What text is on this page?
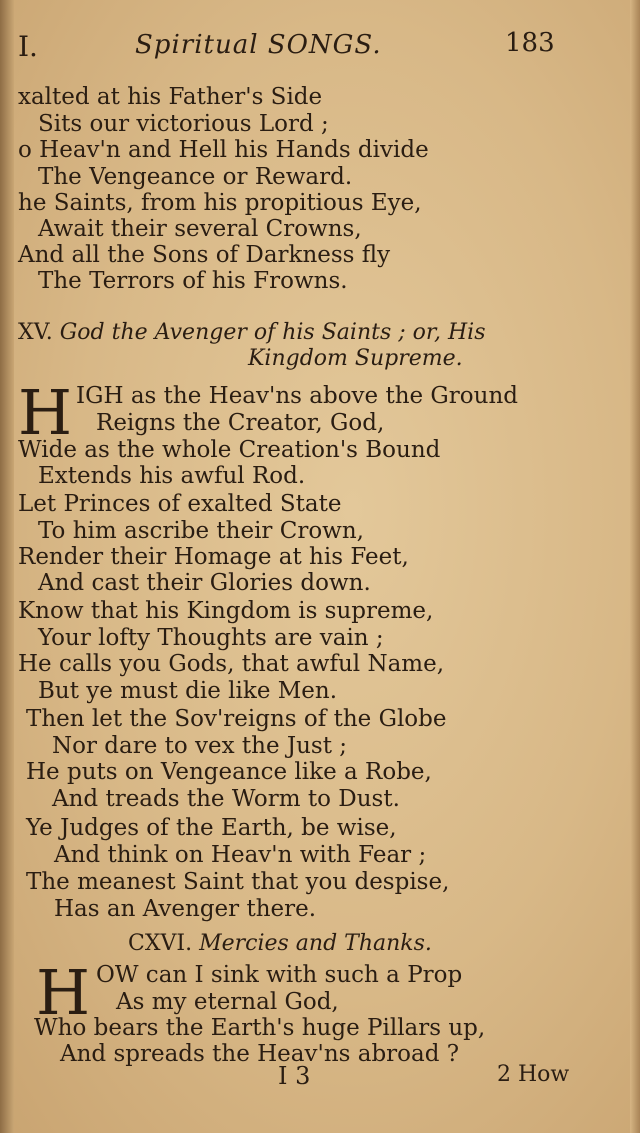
I.	Spiritual SONGS.	183
xalted at his Father's Side
Sits our victorious Lord ;
o Heav'n and Hell his Hands divide
The Vengeance or Reward.
he Saints, from his propitious Eye,
Await their several Crowns,
And all the Sons of Darkness fly
The Terrors of his Frowns.
XV. God the Avenger of his Saints ; or, His
Kingdom Supreme.
H IGH as the Heav'ns above the Ground
Reigns the Creator, God,
Wide as the whole Creation's Bound
Extends his awful Rod.
Let Princes of exalted State
To him ascribe their Crown,
Render their Homage at his Feet,
And cast their Glories down.
Know that his Kingdom is supreme,
Your lofty Thoughts are vain ;
He calls you Gods, that awful Name,
But ye must die like Men.
Then let the Sov'reigns of the Globe
Nor dare to vex the Just ;
He puts on Vengeance like a Robe,
And treads the Worm to Dust.
Ye Judges of the Earth, be wise,
And think on Heav'n with Fear ;
The meanest Saint that you despise,
Has an Avenger there.
CXVI. Mercies and Thanks.
H OW can I sink with such a Prop
As my eternal God,
Who bears the Earth's huge Pillars up,
And spreads the Heav'ns abroad ?
I 3	2 How
